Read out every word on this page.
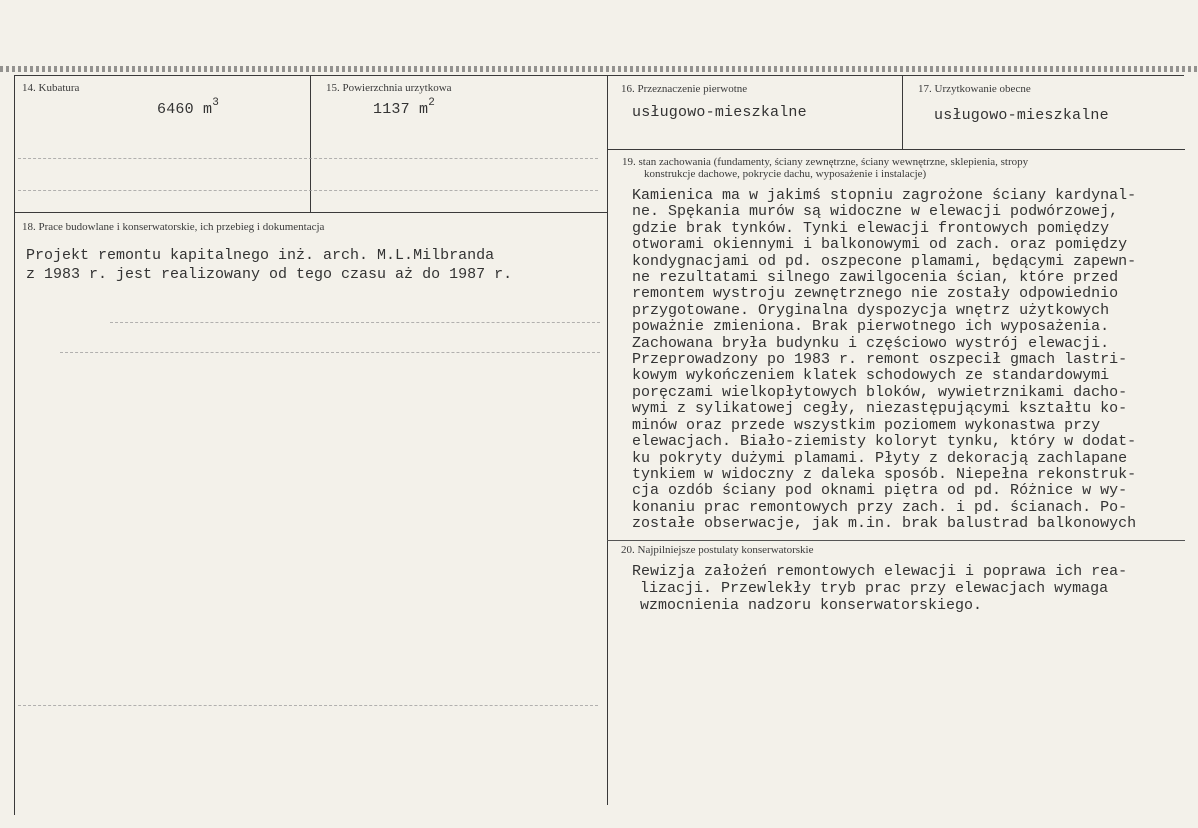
14. Kubatura
6460 $m^3$
15. Powierzchnia urzytkowa
1137 $m^2$
16. Przeznaczenie pierwotne
usługowo-mieszkalne
17. Urzytkowanie obecne
usługowo-mieszkalne
18. Prace budowlane i konserwatorskie, ich przebieg i dokumentacja
Projekt remontu kapitalnego inż. arch. M.L.Milbranda
z 1983 r. jest realizowany od tego czasu aż do 1987 r.
19. stan zachowania (fundamenty, ściany zewnętrzne, ściany wewnętrzne, sklepienia, stropy
konstrukcje dachowe, pokrycie dachu, wyposażenie i instalacje)
Kamienica ma w jakimś stopniu zagrożone ściany kardynal-
ne. Spękania murów są widoczne w elewacji podwórzowej,
gdzie brak tynków. Tynki elewacji frontowych pomiędzy
otworami okiennymi i balkonowymi od zach. oraz pomiędzy
kondygnacjami od pd. oszpecone plamami, będącymi zapewn-
ne rezultatami silnego zawilgocenia ścian, które przed
remontem wystroju zewnętrznego nie zostały odpowiednio
przygotowane. Oryginalna dyspozycja wnętrz użytkowych
poważnie zmieniona. Brak pierwotnego ich wyposażenia.
Zachowana bryła budynku i częściowo wystrój elewacji.
Przeprowadzony po 1983 r. remont oszpecił gmach lastri-
kowym wykończeniem klatek schodowych ze standardowymi
poręczami wielkopłytowych bloków, wywietrznikami dacho-
wymi z sylikatowej cegły, niezastępującymi kształtu ko-
minów oraz przede wszystkim poziomem wykonastwa przy
elewacjach. Biało-ziemisty koloryt tynku, który w dodat-
ku pokryty dużymi plamami. Płyty z dekoracją zachlapane
tynkiem w widoczny z daleka sposób. Niepełna rekonstruk-
cja ozdób ściany pod oknami piętra od pd. Różnice w wy-
konaniu prac remontowych przy zach. i pd. ścianach. Po-
zostałe obserwacje, jak m.in. brak balustrad balkonowych
20. Najpilniejsze postulaty konserwatorskie
Rewizja założeń remontowych elewacji i poprawa ich rea-
lizacji. Przewlekły tryb prac przy elewacjach wymaga
wzmocnienia nadzoru konserwatorskiego.
